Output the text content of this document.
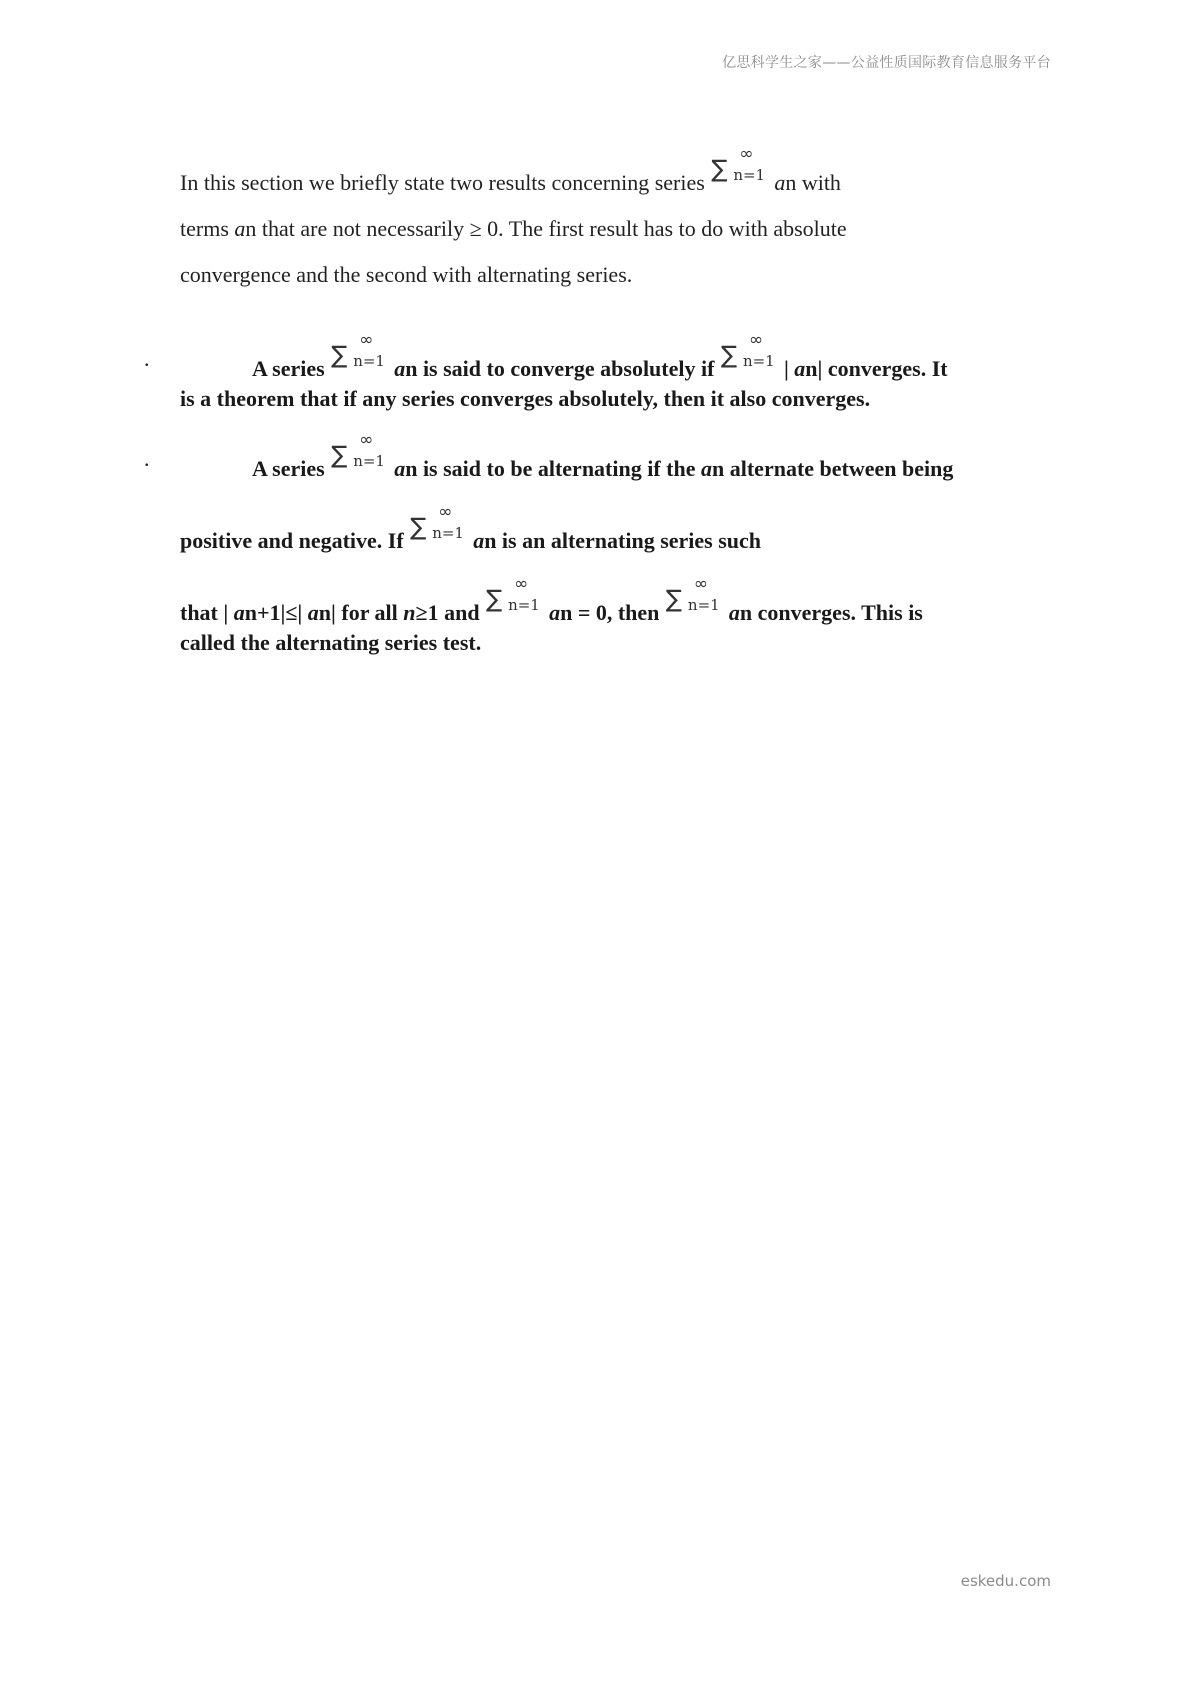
亿思科学生之家——公益性质国际教育信息服务平台

In this section we briefly state two results concerning series ∑
∞
n=1 an with

terms an that are not necessarily ≥ 0. The first result has to do with absolute

convergence and the second with alternating series.

.	A series ∑
∞
n=1 an is said to converge absolutely if ∑
∞
n=1 | an| converges. It
is a theorem that if any series converges absolutely, then it also converges.
.	A series ∑
∞
n=1 an is said to be alternating if the an alternate between being
positive and negative. If ∑
∞
n=1 an is an alternating series such
that | an+1|≤| an| for all n≥1 and ∑
∞
n=1 an = 0, then ∑
∞
n=1 an converges. This is
called the alternating series test.
eskedu.com
